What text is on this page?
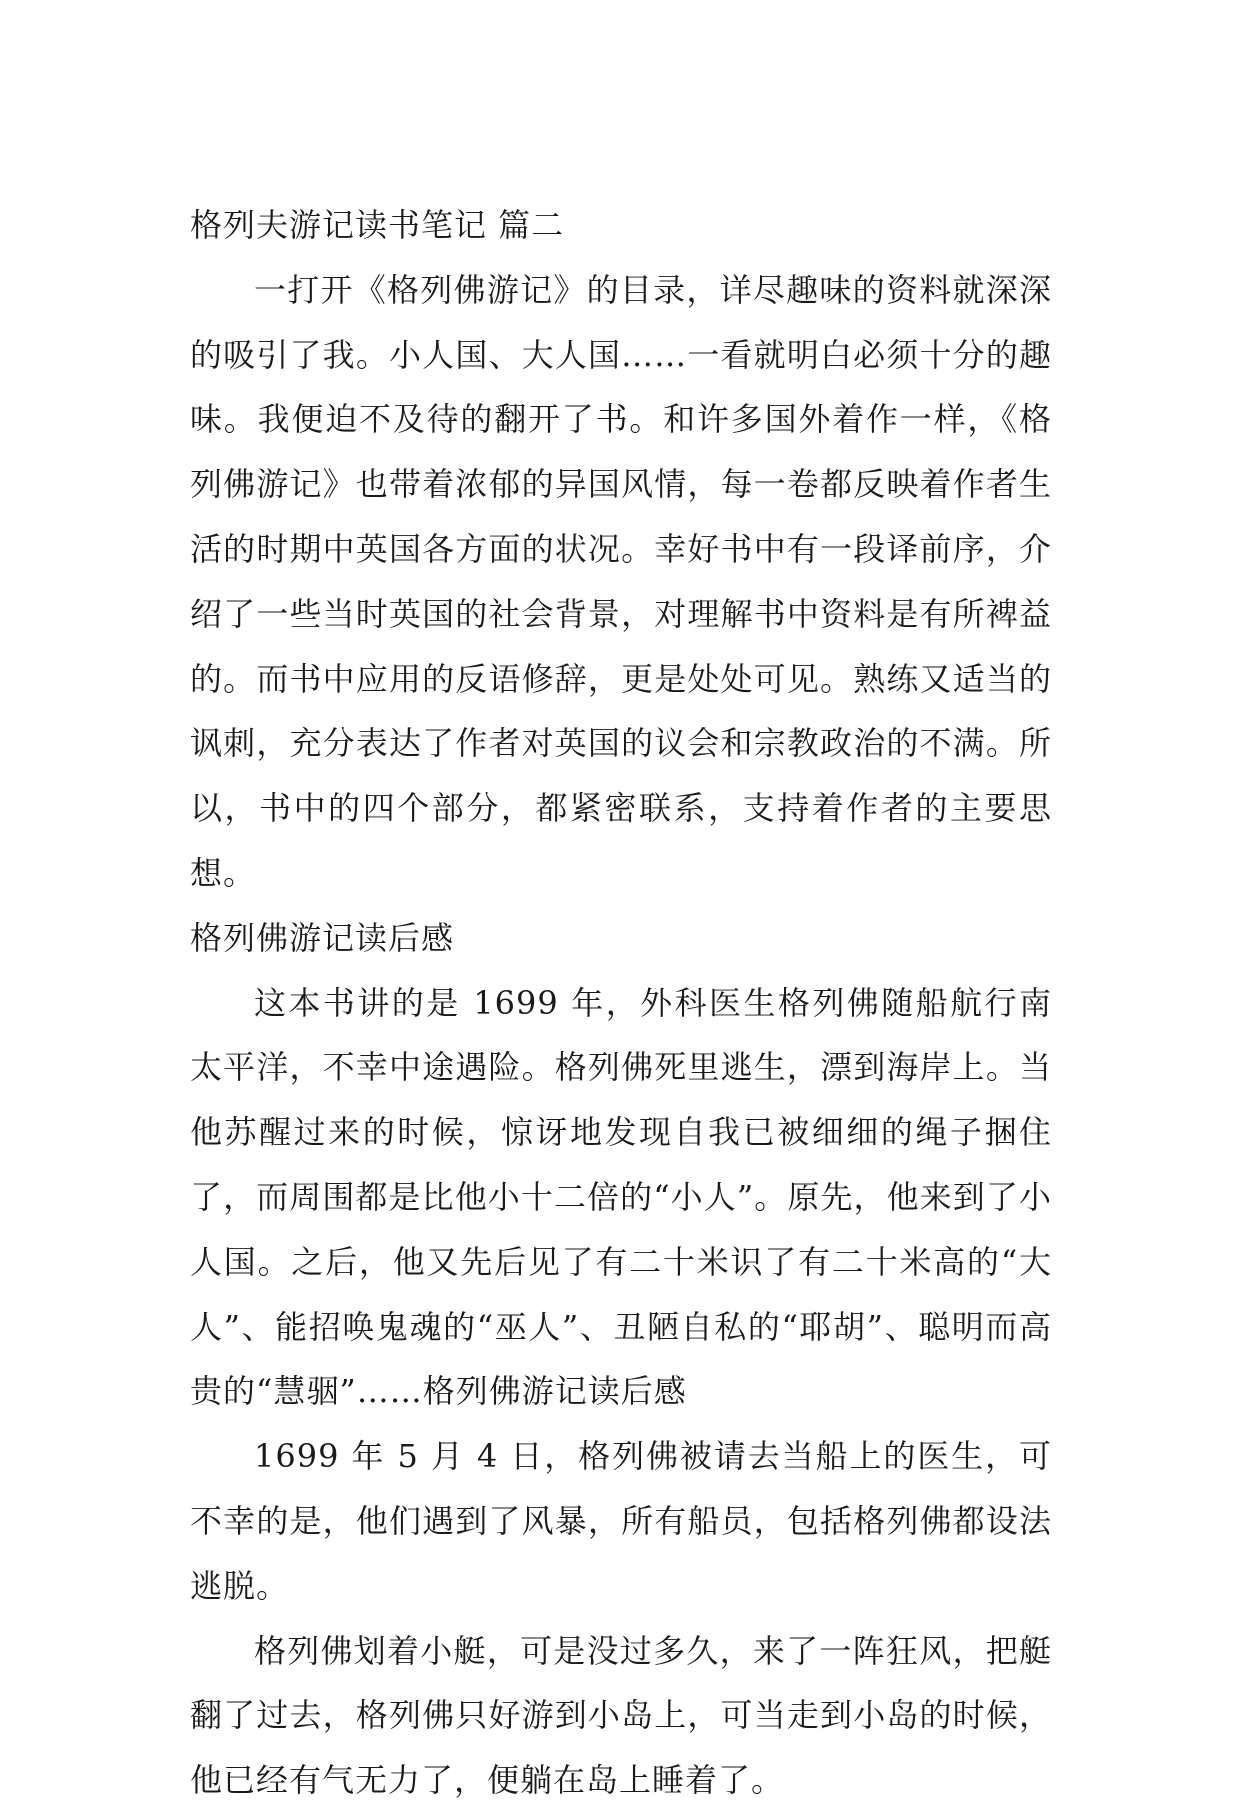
格列夫游记读书笔记 篇二

一打开《格列佛游记》的目录，详尽趣味的资料就深深的吸引了我。小人国、大人国……一看就明白必须十分的趣味。我便迫不及待的翻开了书。和许多国外着作一样，《格列佛游记》也带着浓郁的异国风情，每一卷都反映着作者生活的时期中英国各方面的状况。幸好书中有一段译前序，介绍了一些当时英国的社会背景，对理解书中资料是有所裨益的。而书中应用的反语修辞，更是处处可见。熟练又适当的讽刺，充分表达了作者对英国的议会和宗教政治的不满。所以，书中的四个部分，都紧密联系，支持着作者的主要思想。

格列佛游记读后感

这本书讲的是 1699 年，外科医生格列佛随船航行南太平洋，不幸中途遇险。格列佛死里逃生，漂到海岸上。当他苏醒过来的时候，惊讶地发现自我已被细细的绳子捆住了，而周围都是比他小十二倍的“小人”。原先，他来到了小人国。之后，他又先后见了有二十米识了有二十米高的“大人”、能招唤鬼魂的“巫人”、丑陋自私的“耶胡”、聪明而高贵的“慧骃”……格列佛游记读后感

1699 年 5 月 4 日，格列佛被请去当船上的医生，可不幸的是，他们遇到了风暴，所有船员，包括格列佛都设法逃脱。

格列佛划着小艇，可是没过多久，来了一阵狂风，把艇翻了过去，格列佛只好游到小岛上，可当走到小岛的时候，他已经有气无力了，便躺在岛上睡着了。
